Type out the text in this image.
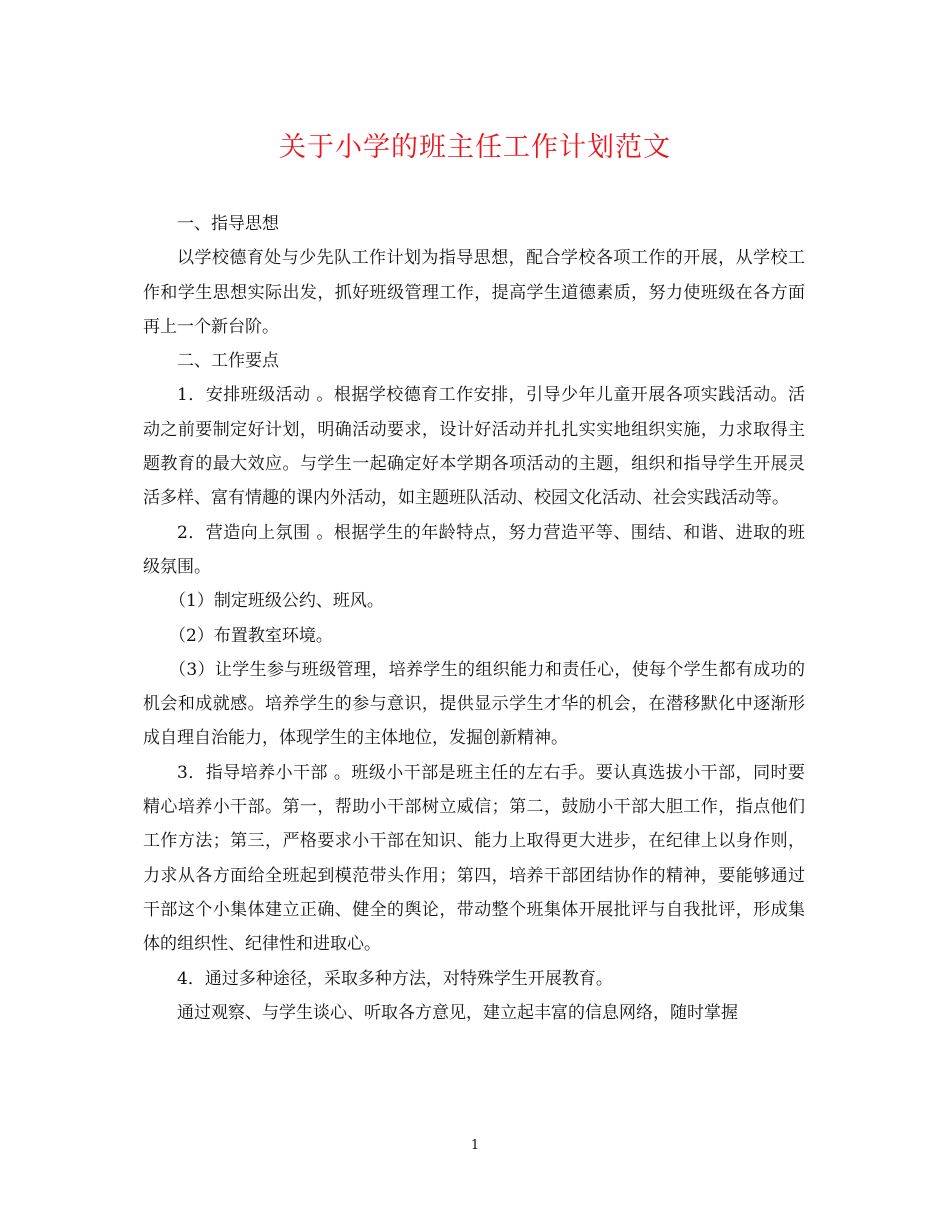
关于小学的班主任工作计划范文

一、指导思想

以学校德育处与少先队工作计划为指导思想，配合学校各项工作的开展，从学校工作和学生思想实际出发，抓好班级管理工作，提高学生道德素质，努力使班级在各方面再上一个新台阶。

二、工作要点

1．安排班级活动 。根据学校德育工作安排，引导少年儿童开展各项实践活动。活动之前要制定好计划，明确活动要求，设计好活动并扎扎实实地组织实施，力求取得主题教育的最大效应。与学生一起确定好本学期各项活动的主题，组织和指导学生开展灵活多样、富有情趣的课内外活动，如主题班队活动、校园文化活动、社会实践活动等。

2．营造向上氛围 。根据学生的年龄特点，努力营造平等、围结、和谐、进取的班级氛围。

（1）制定班级公约、班风。

（2）布置教室环境。

（3）让学生参与班级管理，培养学生的组织能力和责任心，使每个学生都有成功的机会和成就感。培养学生的参与意识，提供显示学生才华的机会，在潜移默化中逐渐形成自理自治能力，体现学生的主体地位，发掘创新精神。

3．指导培养小干部 。班级小干部是班主任的左右手。要认真选拔小干部，同时要精心培养小干部。第一，帮助小干部树立威信；第二，鼓励小干部大胆工作，指点他们工作方法；第三，严格要求小干部在知识、能力上取得更大进步，在纪律上以身作则，力求从各方面给全班起到模范带头作用；第四，培养干部团结协作的精神，要能够通过干部这个小集体建立正确、健全的舆论，带动整个班集体开展批评与自我批评，形成集体的组织性、纪律性和进取心。

4．通过多种途径，采取多种方法，对特殊学生开展教育。

通过观察、与学生谈心、听取各方意见，建立起丰富的信息网络，随时掌握

1
